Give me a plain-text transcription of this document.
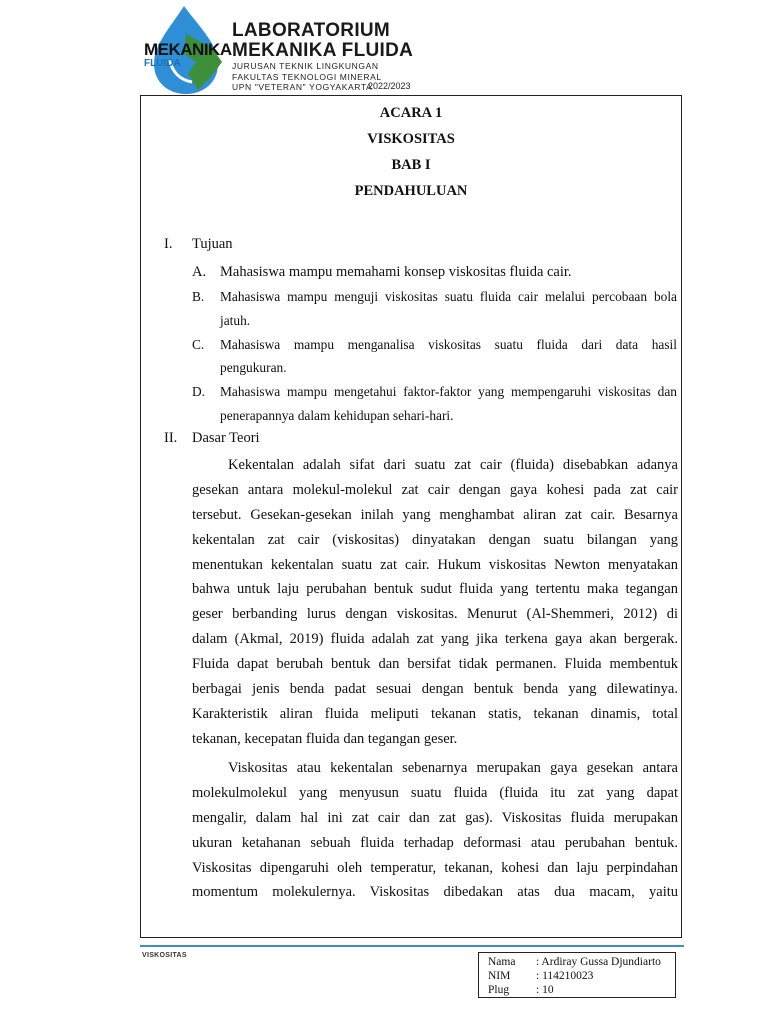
MEKANIKA
FLUIDA
LABORATORIUM
MEKANIKA FLUIDA
JURUSAN TEKNIK LINGKUNGAN
FAKULTAS TEKNOLOGI MINERAL
UPN "VETERAN" YOGYAKARTA
2022/2023
ACARA 1
VISKOSITAS
BAB I
PENDAHULUAN
I. Tujuan
A. Mahasiswa mampu memahami konsep viskositas fluida cair.
B. Mahasiswa mampu menguji viskositas suatu fluida cair melalui percobaan bola
jatuh.
C. Mahasiswa mampu menganalisa viskositas suatu fluida dari data hasil
pengukuran.
D. Mahasiswa mampu mengetahui faktor-faktor yang mempengaruhi viskositas dan
penerapannya dalam kehidupan sehari-hari.
II. Dasar Teori
Kekentalan adalah sifat dari suatu zat cair (fluida) disebabkan adanya
gesekan antara molekul-molekul zat cair dengan gaya kohesi pada zat cair
tersebut. Gesekan-gesekan inilah yang menghambat aliran zat cair. Besarnya
kekentalan zat cair (viskositas) dinyatakan dengan suatu bilangan yang
menentukan kekentalan suatu zat cair. Hukum viskositas Newton menyatakan
bahwa untuk laju perubahan bentuk sudut fluida yang tertentu maka tegangan
geser berbanding lurus dengan viskositas. Menurut (Al-Shemmeri, 2012) di
dalam (Akmal, 2019) fluida adalah zat yang jika terkena gaya akan bergerak.
Fluida dapat berubah bentuk dan bersifat tidak permanen. Fluida membentuk
berbagai jenis benda padat sesuai dengan bentuk benda yang dilewatinya.
Karakteristik aliran fluida meliputi tekanan statis, tekanan dinamis, total
tekanan, kecepatan fluida dan tegangan geser.
Viskositas atau kekentalan sebenarnya merupakan gaya gesekan antara
molekulmolekul yang menyusun suatu fluida (fluida itu zat yang dapat
mengalir, dalam hal ini zat cair dan zat gas). Viskositas fluida merupakan
ukuran ketahanan sebuah fluida terhadap deformasi atau perubahan bentuk.
Viskositas dipengaruhi oleh temperatur, tekanan, kohesi dan laju perpindahan
momentum molekulernya. Viskositas dibedakan atas dua macam, yaitu
VISKOSITAS
Nama	: Ardiray Gussa Djundiarto
NIM	: 114210023
Plug	: 10
